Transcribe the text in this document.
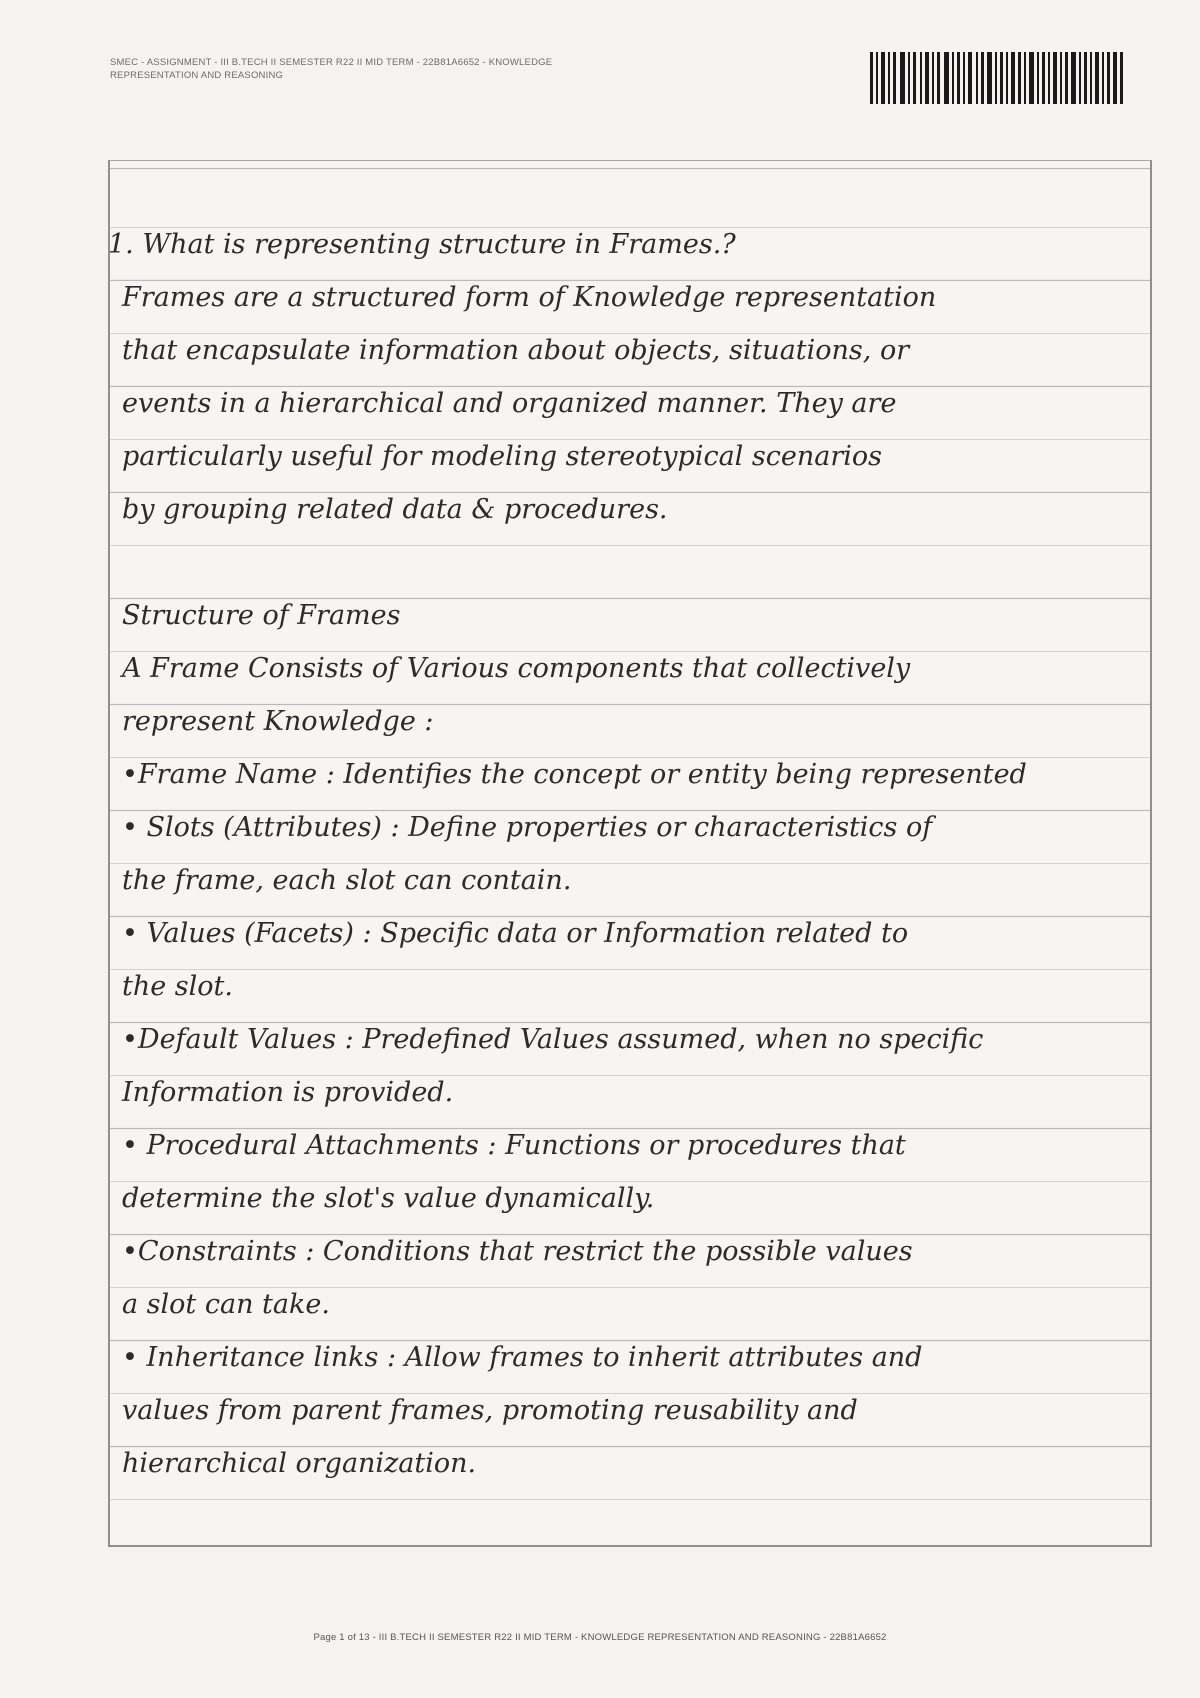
SMEC - ASSIGNMENT - III B.TECH II SEMESTER R22 II MID TERM - 22B81A6652 - KNOWLEDGE
REPRESENTATION AND REASONING
1. What is representing structure in Frames.?
Frames are a structured form of Knowledge representation
that encapsulate information about objects, situations, or
events in a hierarchical and organized manner. They are
particularly useful for modeling stereotypical scenarios
by grouping related data & procedures.
Structure of Frames
A Frame Consists of Various components that collectively
represent Knowledge :
•Frame Name : Identifies the concept or entity being represented
• Slots (Attributes) : Define properties or characteristics of
the frame, each slot can contain.
• Values (Facets) : Specific data or Information related to
the slot.
•Default Values : Predefined Values assumed, when no specific
Information is provided.
• Procedural Attachments : Functions or procedures that
determine the slot's value dynamically.
•Constraints : Conditions that restrict the possible values
a slot can take.
• Inheritance links : Allow frames to inherit attributes and
values from parent frames, promoting reusability and
hierarchical organization.
Page 1 of 13 - III B.TECH II SEMESTER R22 II MID TERM - KNOWLEDGE REPRESENTATION AND REASONING - 22B81A6652
